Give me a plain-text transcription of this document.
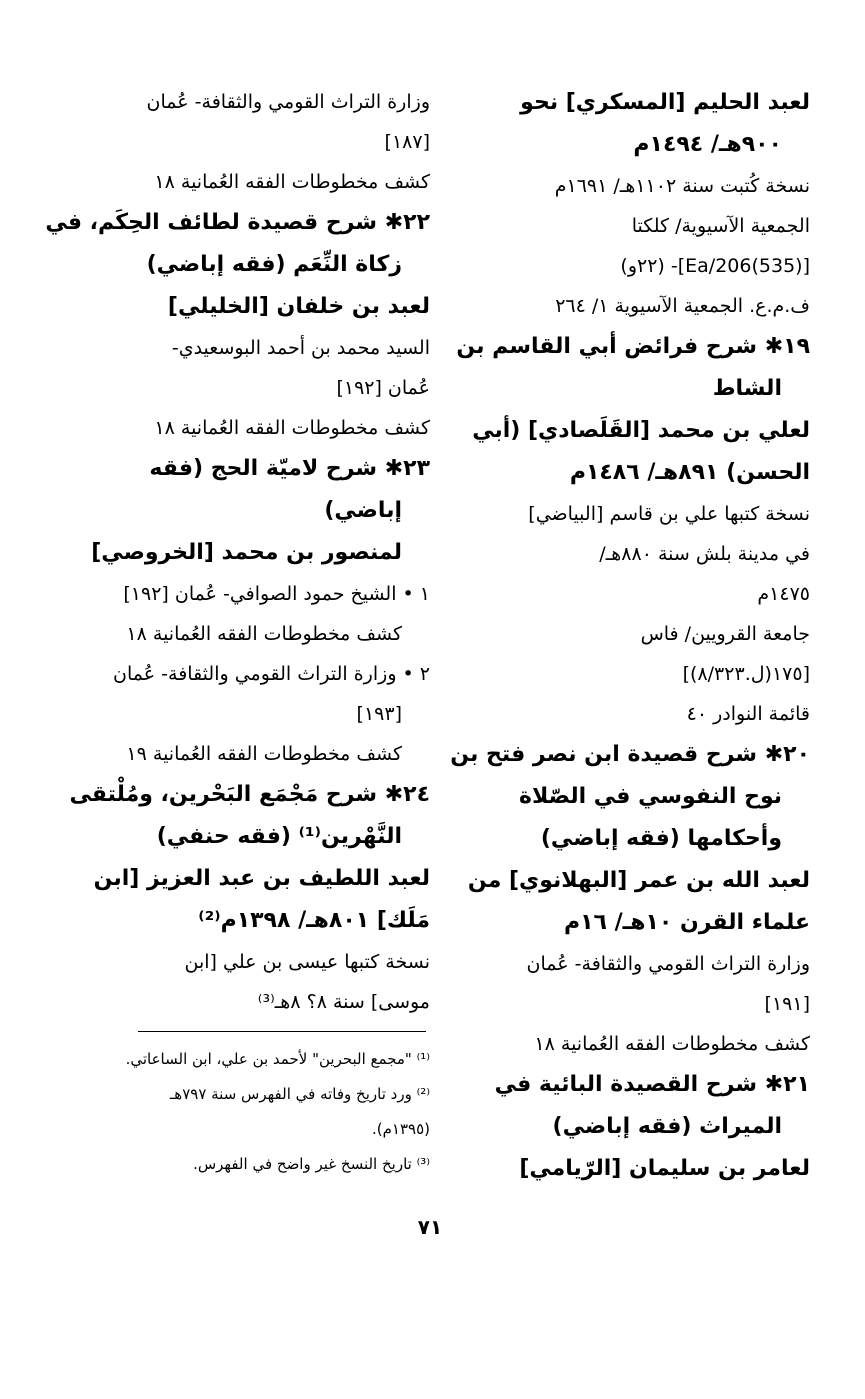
لعبد الحليم [المسكري] نحو
٩٠٠هـ/ ١٤٩٤م
نسخة كُتبت سنة ١١٠٢هـ/ ١٦٩١م
الجمعية الآسيوية/ كلكتا
[(535)Ea/206]- (٢٢و)
ف.م.ع. الجمعية الآسيوية ١/ ٢٦٤
١٩✱ شرح فرائض أبي القاسم بن
الشاط
لعلي بن محمد [القَلَصادي] (أبي
الحسن) ٨٩١هـ/ ١٤٨٦م
نسخة كتبها علي بن قاسم [البياضي]
في مدينة بلش سنة ٨٨٠هـ/
١٤٧٥م
جامعة القرويين/ فاس
[١٧٥(ل.٨/٣٢٣)]
قائمة النوادر ٤٠
٢٠✱ شرح قصيدة ابن نصر فتح بن
نوح النفوسي في الصّلاة
وأحكامها (فقه إباضي)
لعبد الله بن عمر [البهلانوي] من
علماء القرن ١٠هـ/ ١٦م
وزارة التراث القومي والثقافة- عُمان
[١٩١]
كشف مخطوطات الفقه العُمانية ١٨
٢١✱ شرح القصيدة البائية في
الميراث (فقه إباضي)
لعامر بن سليمان [الرّيامي]
وزارة التراث القومي والثقافة- عُمان
[١٨٧]
كشف مخطوطات الفقه العُمانية ١٨
٢٢✱ شرح قصيدة لطائف الحِكَم، في
زكاة النِّعَم (فقه إباضي)
لعبد بن خلفان [الخليلي]
السيد محمد بن أحمد البوسعيدي-
عُمان [١٩٢]
كشف مخطوطات الفقه العُمانية ١٨
٢٣✱ شرح لاميّة الحج (فقه
إباضي)
لمنصور بن محمد [الخروصي]
١ • الشيخ حمود الصوافي- عُمان [١٩٢]
كشف مخطوطات الفقه العُمانية ١٨
٢ • وزارة التراث القومي والثقافة- عُمان
[١٩٣]
كشف مخطوطات الفقه العُمانية ١٩
٢٤✱ شرح مَجْمَع البَحْرين، ومُلْتقى
النَّهْرين⁽¹⁾ (فقه حنفي)
لعبد اللطيف بن عبد العزيز [ابن
مَلَك] ٨٠١هـ/ ١٣٩٨م⁽²⁾
نسخة كتبها عيسى بن علي [ابن
موسى] سنة ٨؟ ٨هـ⁽³⁾
⁽¹⁾ "مجمع البحرين" لأحمد بن علي، ابن الساعاتي.
⁽²⁾ ورد تاريخ وفاته في الفهرس سنة ٧٩٧هـ
(١٣٩٥م).
⁽³⁾ تاريخ النسخ غير واضح في الفهرس.
٧١
